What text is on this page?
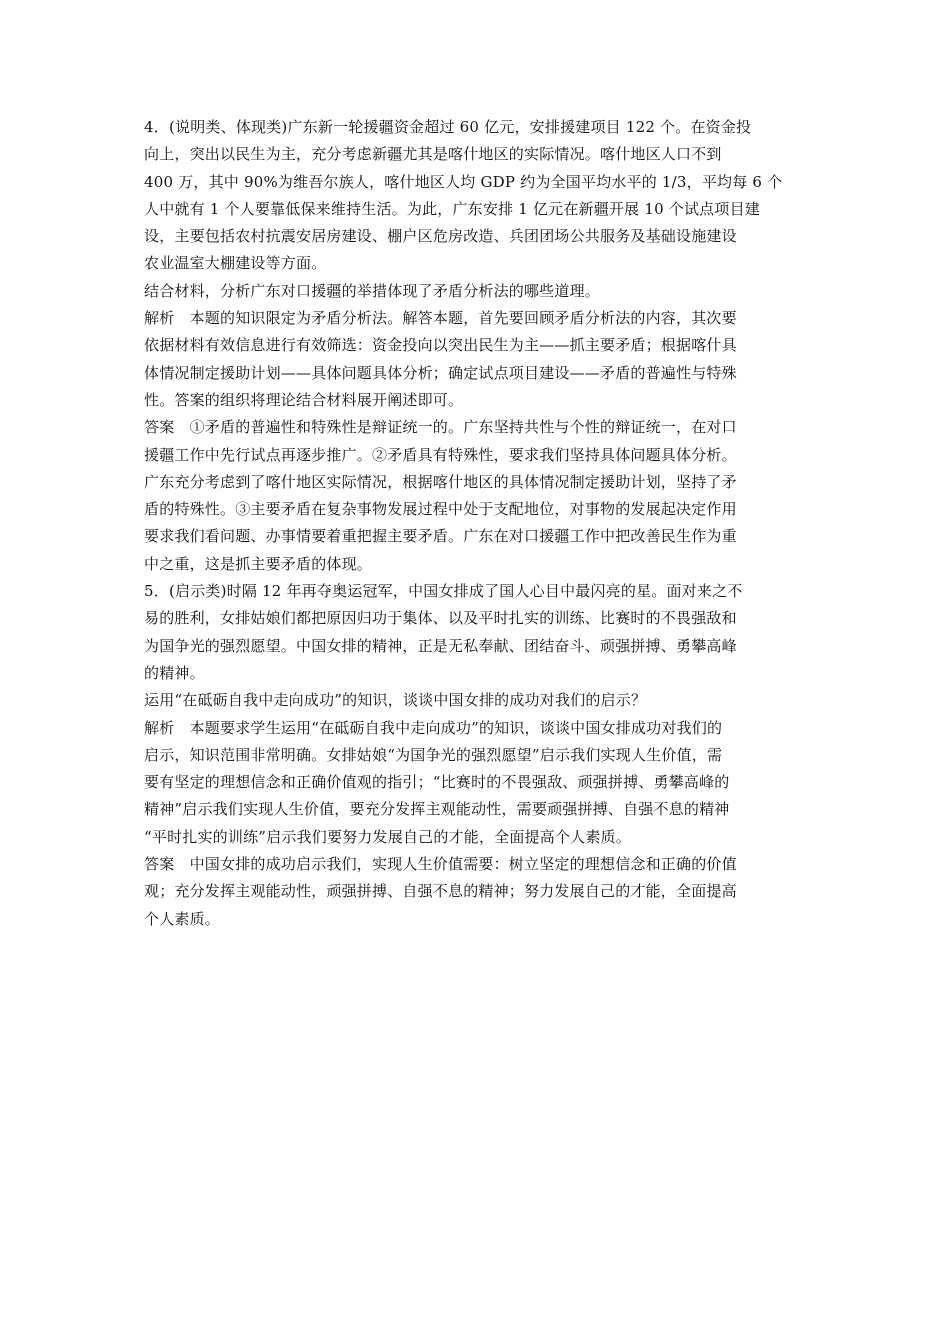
4．(说明类、体现类)广东新一轮援疆资金超过 60 亿元，安排援建项目 122 个。在资金投
向上，突出以民生为主，充分考虑新疆尤其是喀什地区的实际情况。喀什地区人口不到
400 万，其中 90%为维吾尔族人，喀什地区人均 GDP 约为全国平均水平的 1/3，平均每 6 个
人中就有 1 个人要靠低保来维持生活。为此，广东安排 1 亿元在新疆开展 10 个试点项目建
设，主要包括农村抗震安居房建设、棚户区危房改造、兵团团场公共服务及基础设施建设
农业温室大棚建设等方面。
结合材料，分析广东对口援疆的举措体现了矛盾分析法的哪些道理。
解析　本题的知识限定为矛盾分析法。解答本题，首先要回顾矛盾分析法的内容，其次要
依据材料有效信息进行有效筛选：资金投向以突出民生为主——抓主要矛盾；根据喀什具
体情况制定援助计划——具体问题具体分析；确定试点项目建设——矛盾的普遍性与特殊
性。答案的组织将理论结合材料展开阐述即可。
答案　①矛盾的普遍性和特殊性是辩证统一的。广东坚持共性与个性的辩证统一，在对口
援疆工作中先行试点再逐步推广。②矛盾具有特殊性，要求我们坚持具体问题具体分析。
广东充分考虑到了喀什地区实际情况，根据喀什地区的具体情况制定援助计划，坚持了矛
盾的特殊性。③主要矛盾在复杂事物发展过程中处于支配地位，对事物的发展起决定作用
要求我们看问题、办事情要着重把握主要矛盾。广东在对口援疆工作中把改善民生作为重
中之重，这是抓主要矛盾的体现。
5．(启示类)时隔 12 年再夺奥运冠军，中国女排成了国人心目中最闪亮的星。面对来之不
易的胜利，女排姑娘们都把原因归功于集体、以及平时扎实的训练、比赛时的不畏强敌和
为国争光的强烈愿望。中国女排的精神，正是无私奉献、团结奋斗、顽强拼搏、勇攀高峰
的精神。
运用“在砥砺自我中走向成功”的知识，谈谈中国女排的成功对我们的启示？
解析　本题要求学生运用“在砥砺自我中走向成功”的知识，谈谈中国女排成功对我们的
启示，知识范围非常明确。女排姑娘“为国争光的强烈愿望”启示我们实现人生价值，需
要有坚定的理想信念和正确价值观的指引；“比赛时的不畏强敌、顽强拼搏、勇攀高峰的
精神”启示我们实现人生价值，要充分发挥主观能动性，需要顽强拼搏、自强不息的精神
“平时扎实的训练”启示我们要努力发展自己的才能，全面提高个人素质。
答案　中国女排的成功启示我们，实现人生价值需要：树立坚定的理想信念和正确的价值
观；充分发挥主观能动性，顽强拼搏、自强不息的精神；努力发展自己的才能，全面提高
个人素质。
